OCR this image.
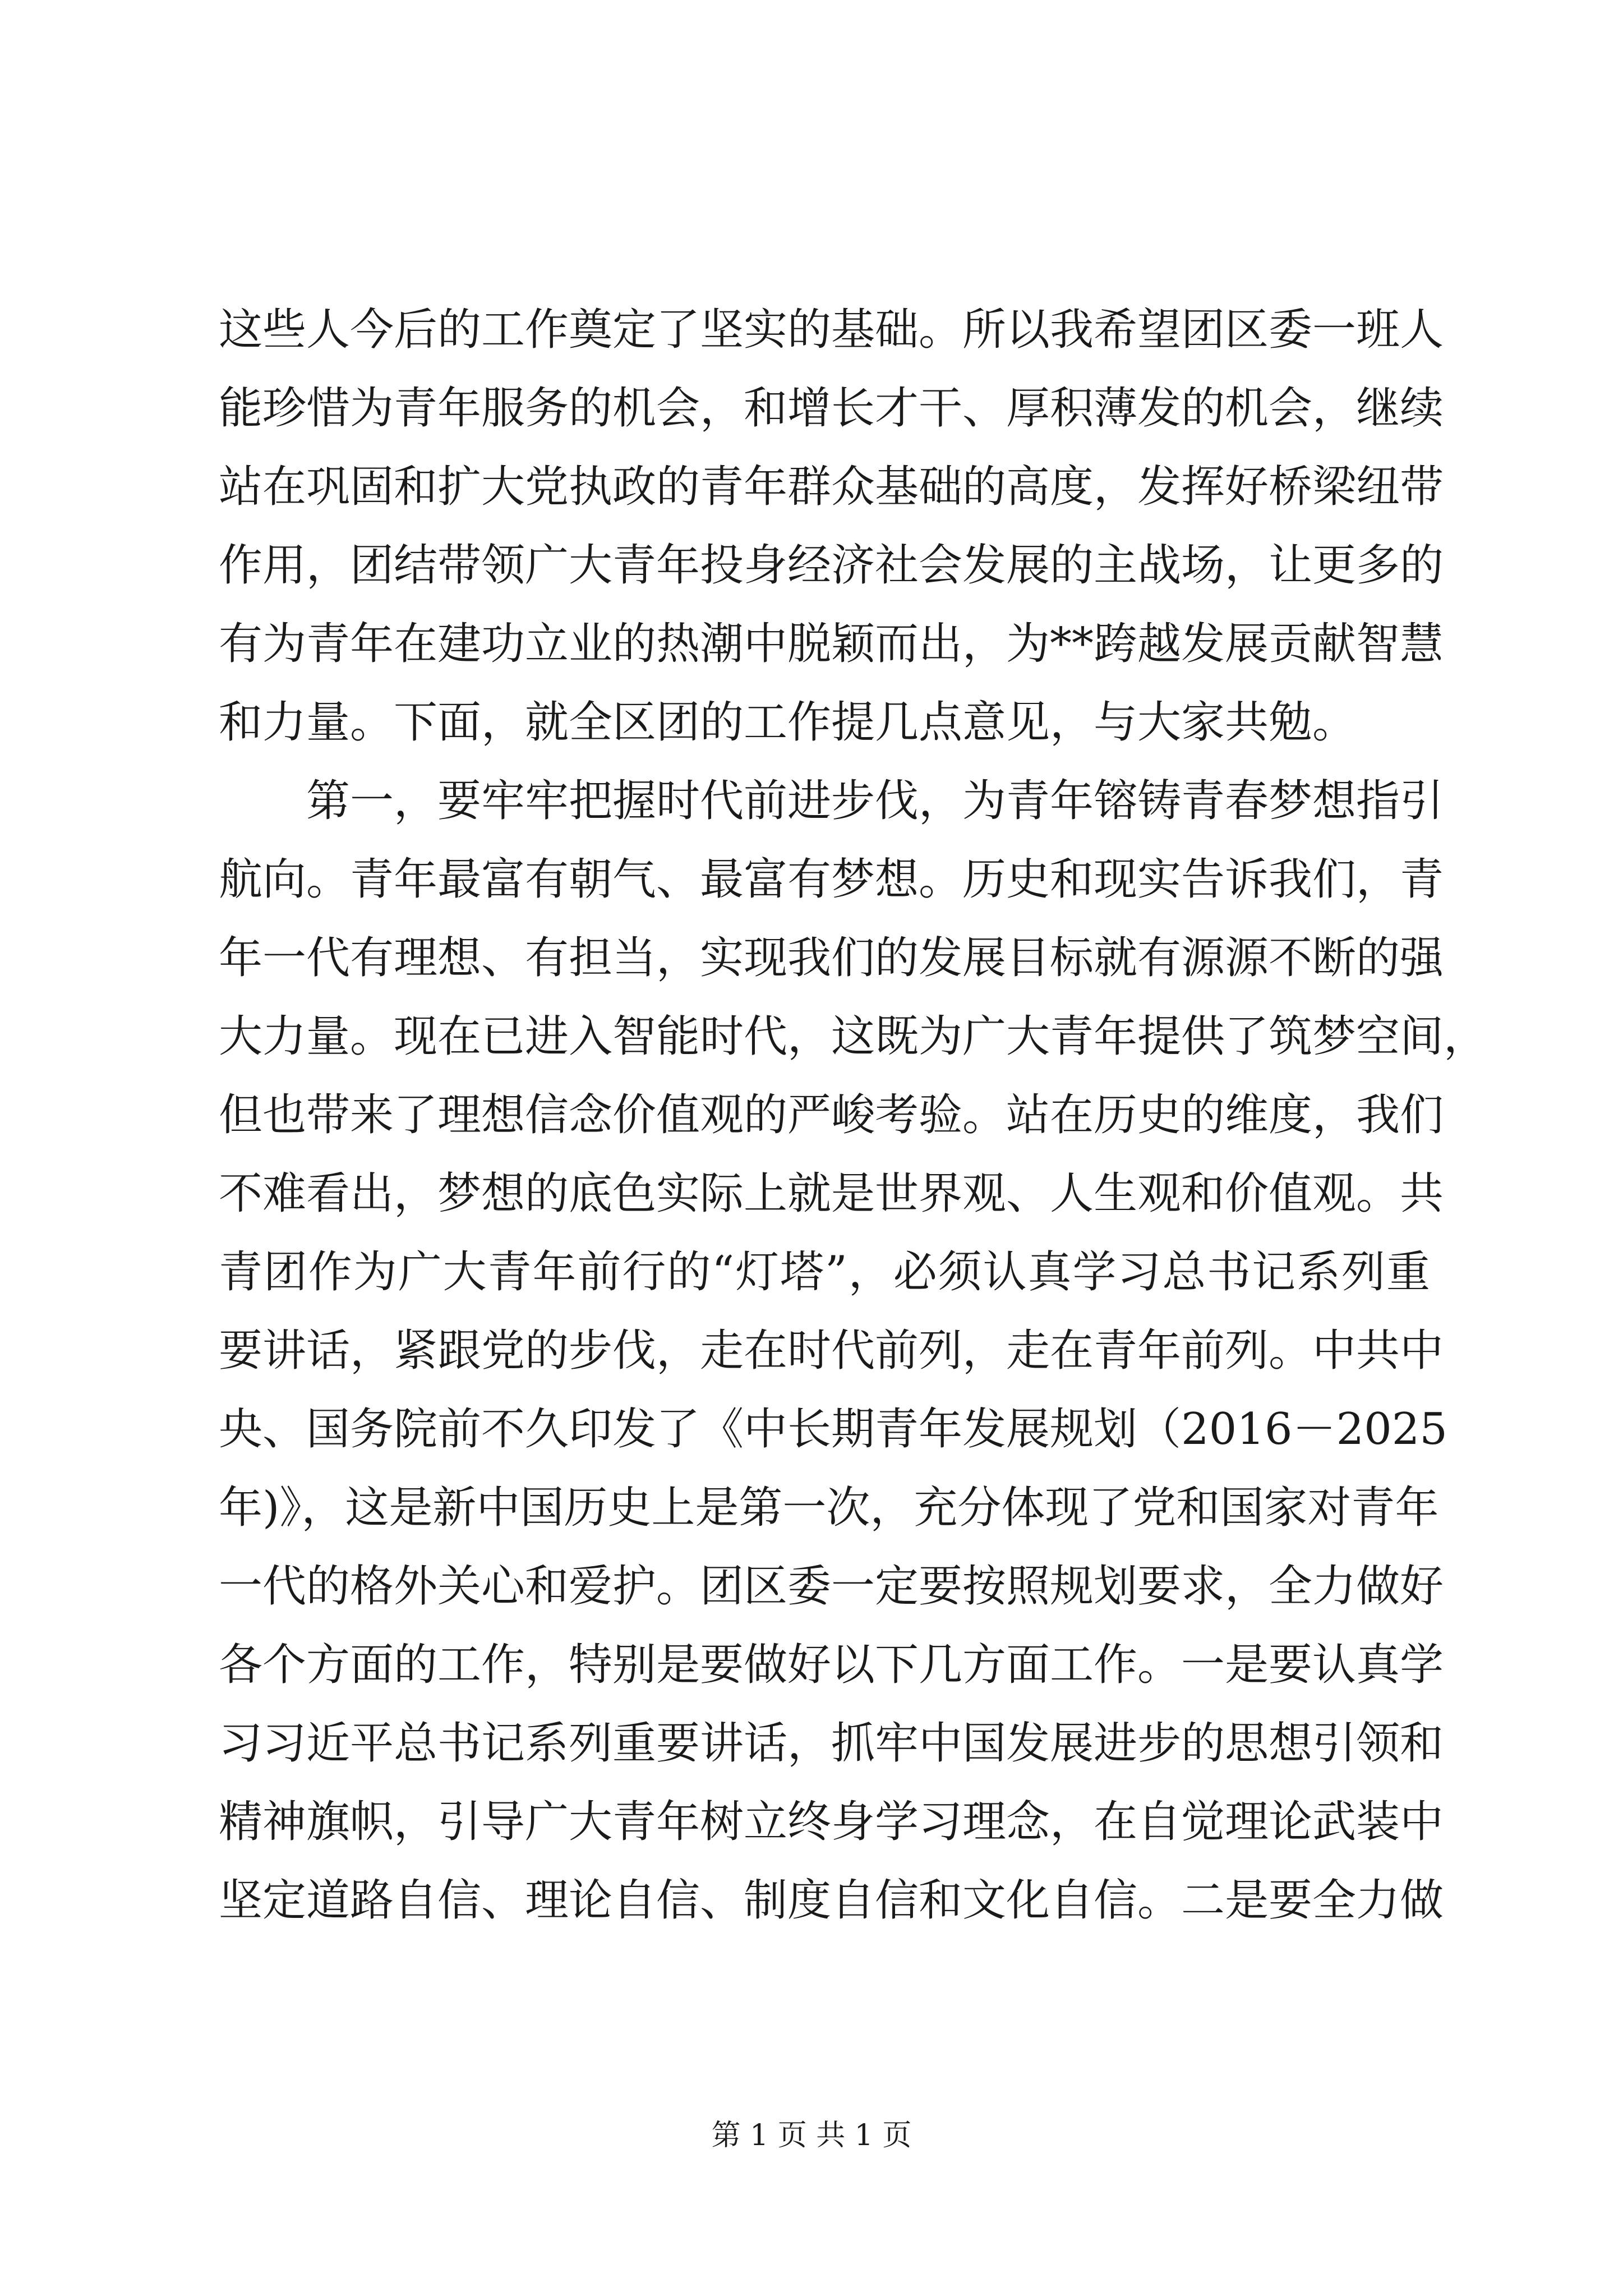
这些人今后的工作奠定了坚实的基础。所以我希望团区委一班人
能珍惜为青年服务的机会，和增长才干、厚积薄发的机会，继续
站在巩固和扩大党执政的青年群众基础的高度，发挥好桥梁纽带
作用，团结带领广大青年投身经济社会发展的主战场，让更多的
有为青年在建功立业的热潮中脱颖而出，为**跨越发展贡献智慧
和力量。下面，就全区团的工作提几点意见，与大家共勉。
第一，要牢牢把握时代前进步伐，为青年镕铸青春梦想指引
航向。青年最富有朝气、最富有梦想。历史和现实告诉我们，青
年一代有理想、有担当，实现我们的发展目标就有源源不断的强
大力量。现在已进入智能时代，这既为广大青年提供了筑梦空间，
但也带来了理想信念价值观的严峻考验。站在历史的维度，我们
不难看出，梦想的底色实际上就是世界观、人生观和价值观。共
青团作为广大青年前行的“灯塔”，必须认真学习总书记系列重
要讲话，紧跟党的步伐，走在时代前列，走在青年前列。中共中
央、国务院前不久印发了《中长期青年发展规划（2016－2025
年)》，这是新中国历史上是第一次，充分体现了党和国家对青年
一代的格外关心和爱护。团区委一定要按照规划要求，全力做好
各个方面的工作，特别是要做好以下几方面工作。一是要认真学
习习近平总书记系列重要讲话，抓牢中国发展进步的思想引领和
精神旗帜，引导广大青年树立终身学习理念，在自觉理论武装中
坚定道路自信、理论自信、制度自信和文化自信。二是要全力做
第 1 页 共 1 页
